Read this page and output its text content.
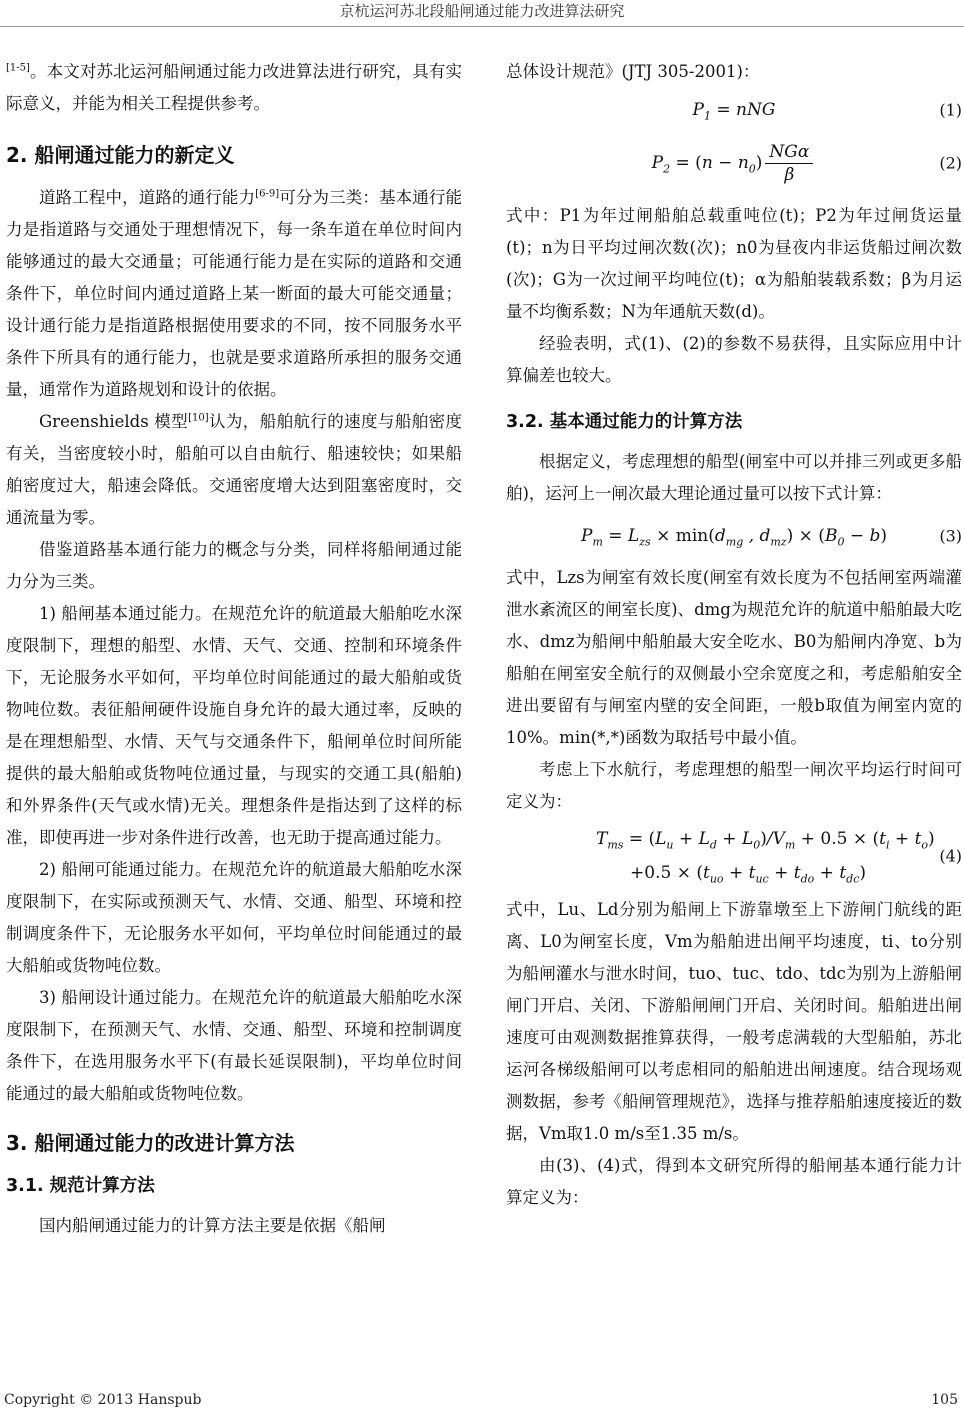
京杭运河苏北段船闸通过能力改进算法研究

[1-5]。本文对苏北运河船闸通过能力改进算法进行研究，具有实际意义，并能为相关工程提供参考。

2. 船闸通过能力的新定义

道路工程中，道路的通行能力[6-9]可分为三类：基本通行能力是指道路与交通处于理想情况下，每一条车道在单位时间内能够通过的最大交通量；可能通行能力是在实际的道路和交通条件下，单位时间内通过道路上某一断面的最大可能交通量；设计通行能力是指道路根据使用要求的不同，按不同服务水平条件下所具有的通行能力，也就是要求道路所承担的服务交通量，通常作为道路规划和设计的依据。

Greenshields 模型[10]认为，船舶航行的速度与船舶密度有关，当密度较小时，船舶可以自由航行、船速较快；如果船舶密度过大，船速会降低。交通密度增大达到阻塞密度时，交通流量为零。

借鉴道路基本通行能力的概念与分类，同样将船闸通过能力分为三类。

1) 船闸基本通过能力。在规范允许的航道最大船舶吃水深度限制下，理想的船型、水情、天气、交通、控制和环境条件下，无论服务水平如何，平均单位时间能通过的最大船舶或货物吨位数。表征船闸硬件设施自身允许的最大通过率，反映的是在理想船型、水情、天气与交通条件下，船闸单位时间所能提供的最大船舶或货物吨位通过量，与现实的交通工具(船舶)和外界条件(天气或水情)无关。理想条件是指达到了这样的标准，即使再进一步对条件进行改善，也无助于提高通过能力。

2) 船闸可能通过能力。在规范允许的航道最大船舶吃水深度限制下，在实际或预测天气、水情、交通、船型、环境和控制调度条件下，无论服务水平如何，平均单位时间能通过的最大船舶或货物吨位数。

3) 船闸设计通过能力。在规范允许的航道最大船舶吃水深度限制下，在预测天气、水情、交通、船型、环境和控制调度条件下，在选用服务水平下(有最长延误限制)，平均单位时间能通过的最大船舶或货物吨位数。

3. 船闸通过能力的改进计算方法
3.1. 规范计算方法

国内船闸通过能力的计算方法主要是依据《船闸

总体设计规范》(JTJ 305-2001)：

$P_1$ = nNG	(1)
$P_2 = (n - n_0) \frac{\text{NGα}}{\beta}$	(2)

式中：P1为年过闸船舶总载重吨位(t)；P2为年过闸货运量(t)；n为日平均过闸次数(次)；n0为昼夜内非运货船过闸次数(次)；G为一次过闸平均吨位(t)；α为船舶装载系数；β为月运量不均衡系数；N为年通航天数(d)。

经验表明，式(1)、(2)的参数不易获得，且实际应用中计算偏差也较大。

3.2. 基本通过能力的计算方法

根据定义，考虑理想的船型(闸室中可以并排三列或更多船舶)，运河上一闸次最大理论通过量可以按下式计算：

$P_m = L_{zs} \times \min(d_{mg}$ , $d_{mz}) \times (B_0 - b)$	(3)

式中，Lzs为闸室有效长度(闸室有效长度为不包括闸室两端灌泄水紊流区的闸室长度)、dmg为规范允许的航道中船舶最大吃水、dmz为船闸中船舶最大安全吃水、B0为船闸内净宽、b为船舶在闸室安全航行的双侧最小空余宽度之和，考虑船舶安全进出要留有与闸室内壁的安全间距，一般b取值为闸室内宽的10%。min(*,*)函数为取括号中最小值。

考虑上下水航行，考虑理想的船型一闸次平均运行时间可定义为：

$T_{ms} = (L_u + L_d + L_0)/V_m + 0.5 \times (t_i + t_o)$
$+0.5 \times (t_{uo} + t_{uc} + t_{do} + t_{dc})$
(4)

式中，Lu、Ld分别为船闸上下游靠墩至上下游闸门航线的距离、L0为闸室长度，Vm为船舶进出闸平均速度，ti、to分别为船闸灌水与泄水时间，tuo、tuc、tdo、tdc为别为上游船闸闸门开启、关闭、下游船闸闸门开启、关闭时间。船舶进出闸速度可由观测数据推算获得，一般考虑满载的大型船舶，苏北运河各梯级船闸可以考虑相同的船舶进出闸速度。结合现场观测数据，参考《船闸管理规范》，选择与推荐船舶速度接近的数据，Vm取1.0 m/s至1.35 m/s。

由(3)、(4)式，得到本文研究所得的船闸基本通行能力计算定义为：

Copyright © 2013 Hanspub	105
